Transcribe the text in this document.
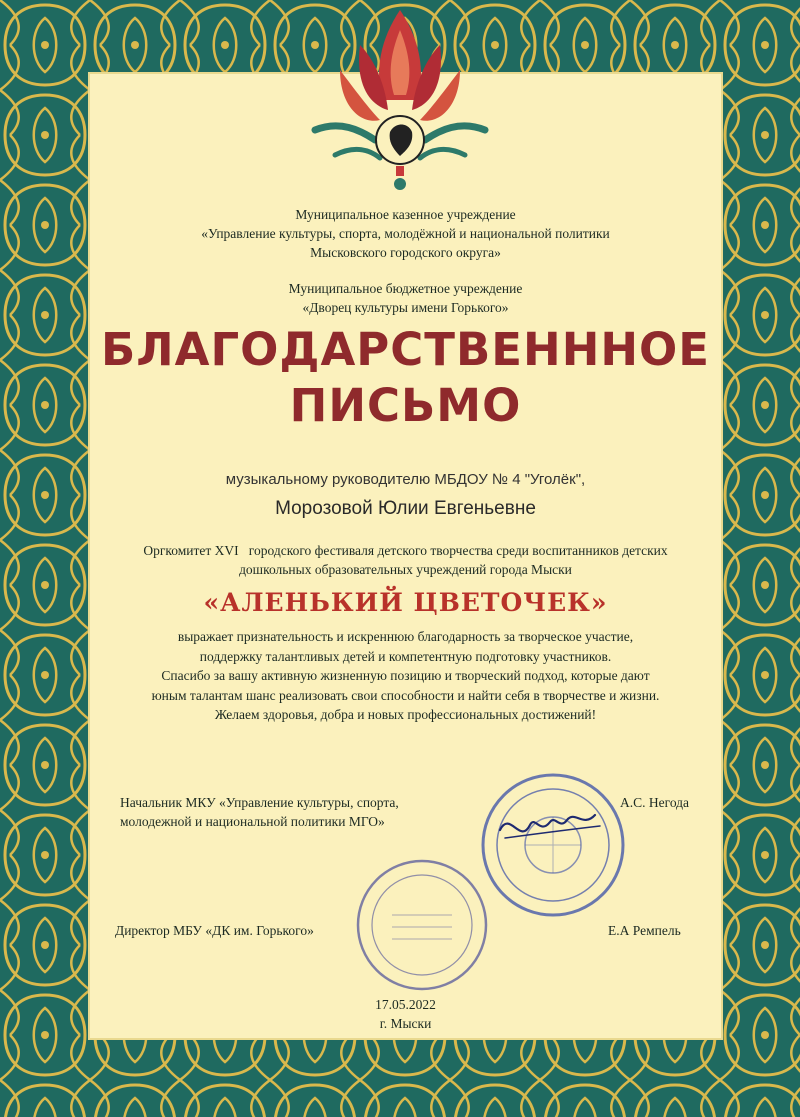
Муниципальное казенное учреждение
«Управление культуры, спорта, молодёжной и национальной политики
Мысковского городского округа»
Муниципальное бюджетное учреждение
«Дворец культуры имени Горького»
БЛАГОДАРСТВЕНННОЕ
ПИСЬМО
музыкальному руководителю МБДОУ № 4 "Уголёк",
Морозовой Юлии Евгеньевне
Оргкомитет XVI   городского фестиваля детского творчества среди воспитанников детских
дошкольных образовательных учреждений города Мыски
«АЛЕНЬКИЙ ЦВЕТОЧЕК»
выражает признательность и искреннюю благодарность за творческое участие,
поддержку талантливых детей и компетентную подготовку участников.
Спасибо за вашу активную жизненную позицию и творческий подход, которые дают
юным талантам шанс реализовать свои способности и найти себя в творчестве и жизни.
Желаем здоровья, добра и новых профессиональных достижений!
Начальник МКУ «Управление культуры, спорта,
молодежной и национальной политики МГО»
А.С. Негода
Директор МБУ «ДК им. Горького»	Е.А Ремпель
17.05.2022
г. Мыски
